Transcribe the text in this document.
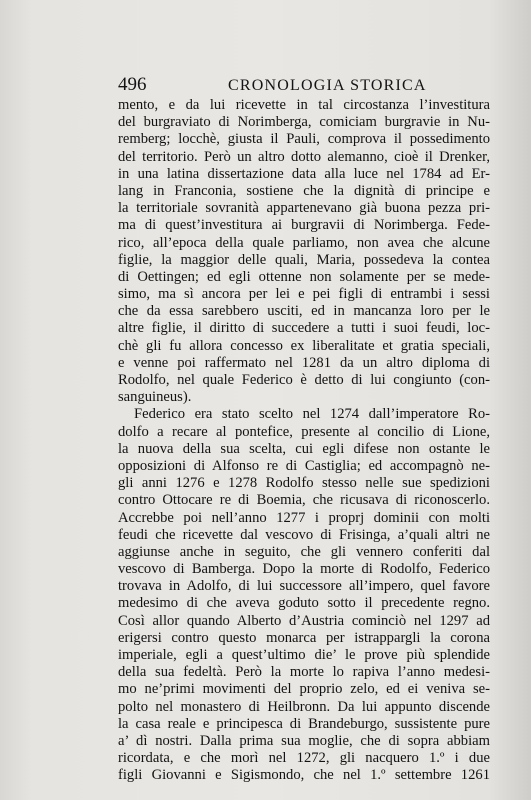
496	CRONOLOGIA STORICA
mento, e da lui ricevette in tal circostanza l’investitura
del burgraviato di Norimberga, comiciam burgravie in Nu-
remberg; locchè, giusta il Pauli, comprova il possedimento
del territorio. Però un altro dotto alemanno, cioè il Drenker,
in una latina dissertazione data alla luce nel 1784 ad Er-
lang in Franconia, sostiene che la dignità di principe e
la territoriale sovranità appartenevano già buona pezza pri-
ma di quest’investitura ai burgravii di Norimberga. Fede-
rico, all’epoca della quale parliamo, non avea che alcune
figlie, la maggior delle quali, Maria, possedeva la contea
di Oettingen; ed egli ottenne non solamente per se mede-
simo, ma sì ancora per lei e pei figli di entrambi i sessi
che da essa sarebbero usciti, ed in mancanza loro per le
altre figlie, il diritto di succedere a tutti i suoi feudi, loc-
chè gli fu allora concesso ex liberalitate et gratia speciali,
e venne poi raffermato nel 1281 da un altro diploma di
Rodolfo, nel quale Federico è detto di lui congiunto (con-
sanguineus).
Federico era stato scelto nel 1274 dall’imperatore Ro-
dolfo a recare al pontefice, presente al concilio di Lione,
la nuova della sua scelta, cui egli difese non ostante le
opposizioni di Alfonso re di Castiglia; ed accompagnò ne-
gli anni 1276 e 1278 Rodolfo stesso nelle sue spedizioni
contro Ottocare re di Boemia, che ricusava di riconoscerlo.
Accrebbe poi nell’anno 1277 i proprj dominii con molti
feudi che ricevette dal vescovo di Frisinga, a’quali altri ne
aggiunse anche in seguito, che gli vennero conferiti dal
vescovo di Bamberga. Dopo la morte di Rodolfo, Federico
trovava in Adolfo, di lui successore all’impero, quel favore
medesimo di che aveva goduto sotto il precedente regno.
Così allor quando Alberto d’Austria cominciò nel 1297 ad
erigersi contro questo monarca per istrappargli la corona
imperiale, egli a quest’ultimo die’ le prove più splendide
della sua fedeltà. Però la morte lo rapiva l’anno medesi-
mo ne’primi movimenti del proprio zelo, ed ei veniva se-
polto nel monastero di Heilbronn. Da lui appunto discende
la casa reale e principesca di Brandeburgo, sussistente pure
a’ dì nostri. Dalla prima sua moglie, che di sopra abbiam
ricordata, e che morì nel 1272, gli nacquero 1.º i due
figli Giovanni e Sigismondo, che nel 1.º settembre 1261
